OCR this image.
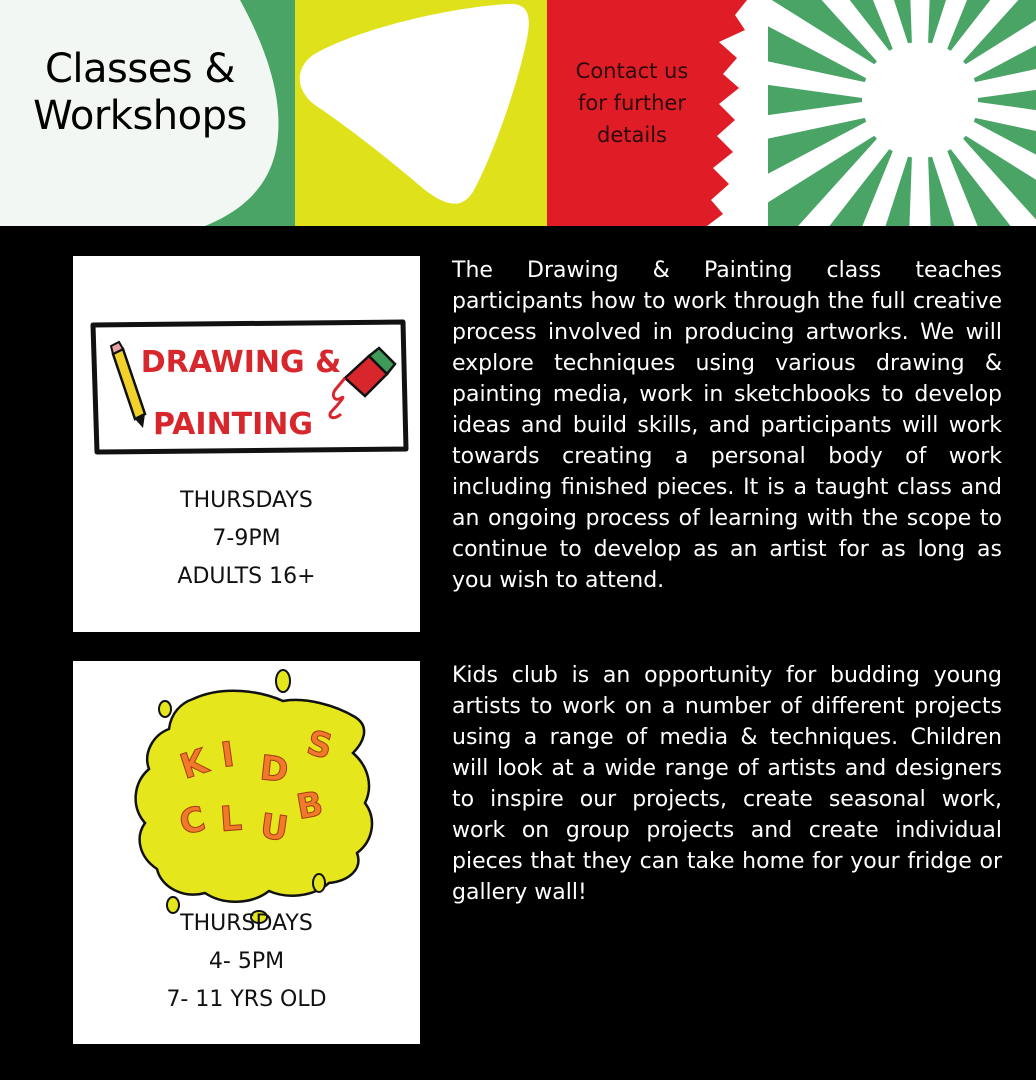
Classes &
Workshops
Contact us
for further
details
DRAWING &
PAINTING
THURSDAYS
7-9PM
ADULTS 16+

The Drawing & Painting class teaches participants how to work through the full creative process involved in producing artworks. We will explore techniques using various drawing & painting media, work in sketchbooks to develop ideas and build skills, and participants will work towards creating a personal body of work including finished pieces. It is a taught class and an ongoing process of learning with the scope to continue to develop as an artist for as long as you wish to attend.

K I D
S
C L U
B
THURSDAYS
4- 5PM
7- 11 YRS OLD

Kids club is an opportunity for budding young artists to work on a number of different projects using a range of media & techniques. Children will look at a wide range of artists and designers to inspire our projects, create seasonal work, work on group projects and create individual pieces that they can take home for your fridge or gallery wall!
